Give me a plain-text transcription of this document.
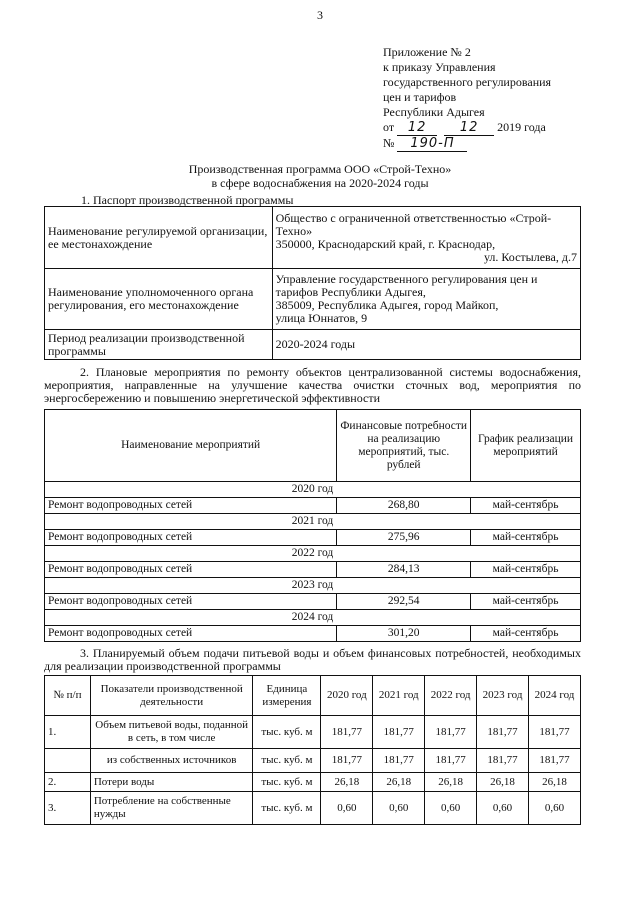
3
Приложение № 2
к приказу Управления
государственного регулирования
цен и тарифов
Республики Адыгея
от 12	12 2019 года
№ 190-П
Производственная программа ООО «Строй-Техно»
в сфере водоснабжения на 2020-2024 годы
1. Паспорт производственной программы
Наименование регулируемой организации, ее местонахождение	Общество с ограниченной ответственностью «Строй-Техно»
350000, Краснодарский край, г. Краснодар,
ул. Костылева, д.7

Наименование уполномоченного органа регулирования, его местонахождение	Управление государственного регулирования цен и тарифов Республики Адыгея,
385009, Республика Адыгея, город Майкоп,
улица Юннатов, 9

Период реализации производственной программы	2020-2024 годы
2. Плановые мероприятия по ремонту объектов централизованной системы водоснабжения, мероприятия, направленные на улучшение качества очистки сточных вод, мероприятия по энергосбережению и повышению энергетической эффективности
Наименование мероприятий	Финансовые потребности на реализацию мероприятий, тыс. рублей	График реализации мероприятий
2020 год		
Ремонт водопроводных сетей	268,80	май-сентябрь
2021 год		
Ремонт водопроводных сетей	275,96	май-сентябрь
2022 год		
Ремонт водопроводных сетей	284,13	май-сентябрь
2023 год		
Ремонт водопроводных сетей	292,54	май-сентябрь
2024 год		
Ремонт водопроводных сетей	301,20	май-сентябрь
3. Планируемый объем подачи питьевой воды и объем финансовых потребностей, необходимых для реализации производственной программы
№ п/п	Показатели производственной деятельности	Единица измерения	2020 год	2021 год	2022 год	2023 год	2024 год
1.	Объем питьевой воды, поданной в сеть, в том числе	тыс. куб. м	181,77	181,77	181,77	181,77	181,77
	из собственных источников	тыс. куб. м	181,77	181,77	181,77	181,77	181,77
2.	Потери воды	тыс. куб. м	26,18	26,18	26,18	26,18	26,18
3.	Потребление на собственные нужды	тыс. куб. м	0,60	0,60	0,60	0,60	0,60
